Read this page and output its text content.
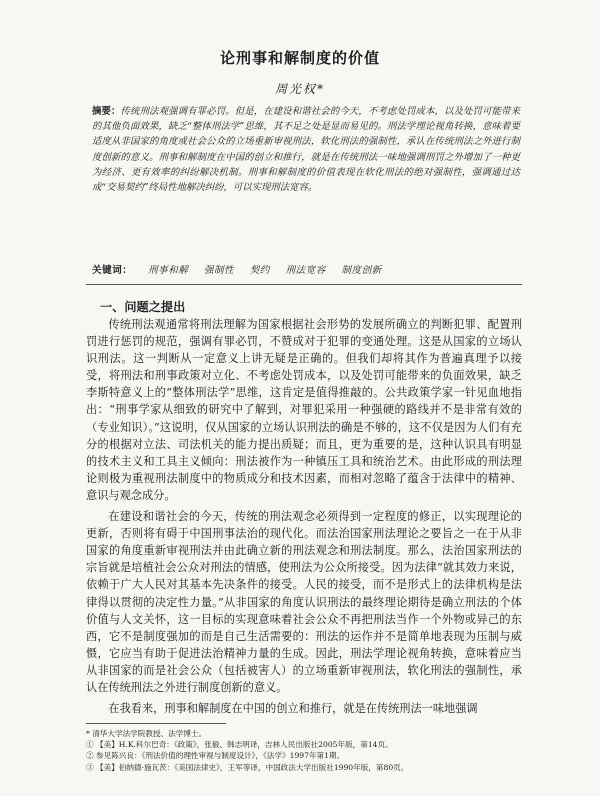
论刑事和解制度的价值
周光权*
摘要：传统刑法观强调有罪必罚。但是，在建设和谐社会的今天，不考虑处罚成本，以及处罚可能带来的其他负面效果，缺乏“整体刑法学”思维，其不足之处是显而易见的。刑法学理论视角转换，意味着要适度从非国家的角度或社会公众的立场重新审视刑法，软化刑法的强制性，承认在传统刑法之外进行制度创新的意义。刑事和解制度在中国的创立和推行，就是在传统刑法一味地强调刑罚之外增加了一种更为经济、更有效率的纠纷解决机制。刑事和解制度的价值表现在软化刑法的绝对强制性，强调通过达成“交易契约”终局性地解决纠纷，可以实现刑法宽容。
关键词： 刑事和解 强制性 契约 刑法宽容 制度创新
一、问题之提出

传统刑法观通常将刑法理解为国家根据社会形势的发展所确立的判断犯罪、配置刑罚进行惩罚的规范，强调有罪必罚，不赞成对于犯罪的变通处理。这是从国家的立场认识刑法。这一判断从一定意义上讲无疑是正确的。但我们却将其作为普遍真理予以接受，将刑法和刑事政策对立化、不考虑处罚成本，以及处罚可能带来的负面效果，缺乏李斯特意义上的“整体刑法学”思维，这肯定是值得推敲的。公共政策学家一针见血地指出：“刑事学家从细致的研究中了解到，对罪犯采用一种强硬的路线并不是非常有效的（专业知识）。”这说明，仅从国家的立场认识刑法的确是不够的，这不仅是因为人们有充分的根据对立法、司法机关的能力提出质疑；而且，更为重要的是，这种认识具有明显的技术主义和工具主义倾向：刑法被作为一种镇压工具和统治艺术。由此形成的刑法理论则极为重视刑法制度中的物质成分和技术因素，而相对忽略了蕴含于法律中的精神、意识与观念成分。

在建设和谐社会的今天，传统的刑法观念必须得到一定程度的修正，以实现理论的更新，否则将有碍于中国刑事法治的现代化。而法治国家刑法理论之要旨之一在于从非国家的角度重新审视刑法并由此确立新的刑法观念和刑法制度。那么，法治国家刑法的宗旨就是培植社会公众对刑法的情感，使刑法为公众所接受。因为法律“就其效力来说，依赖于广大人民对其基本先决条件的接受。人民的接受，而不是形式上的法律机构是法律得以贯彻的决定性力量。”从非国家的角度认识刑法的最终理论期待是确立刑法的个体价值与人文关怀，这一目标的实现意味着社会公众不再把刑法当作一个外物或异己的东西，它不是制度强加的而是自己生活需要的：刑法的运作并不是简单地表现为压制与威慑，它应当有助于促进法治精神力量的生成。因此，刑法学理论视角转换，意味着应当从非国家的而是社会公众（包括被害人）的立场重新审视刑法，软化刑法的强制性，承认在传统刑法之外进行制度创新的意义。

在我看来，刑事和解制度在中国的创立和推行，就是在传统刑法一味地强调

* 清华大学法学院教授、法学博士。
① 【美】H.K.科尔巴奇：《政策》，张毅、韩志明译，吉林人民出版社2005年版，第14页。
② 参见陈兴良：《刑法价值的理性审视与制度设计》，《法学》1997年第1期。
③ 【美】伯纳德·施瓦茨：《美国法律史》，王军等译，中国政法大学出版社1990年版，第80页。
